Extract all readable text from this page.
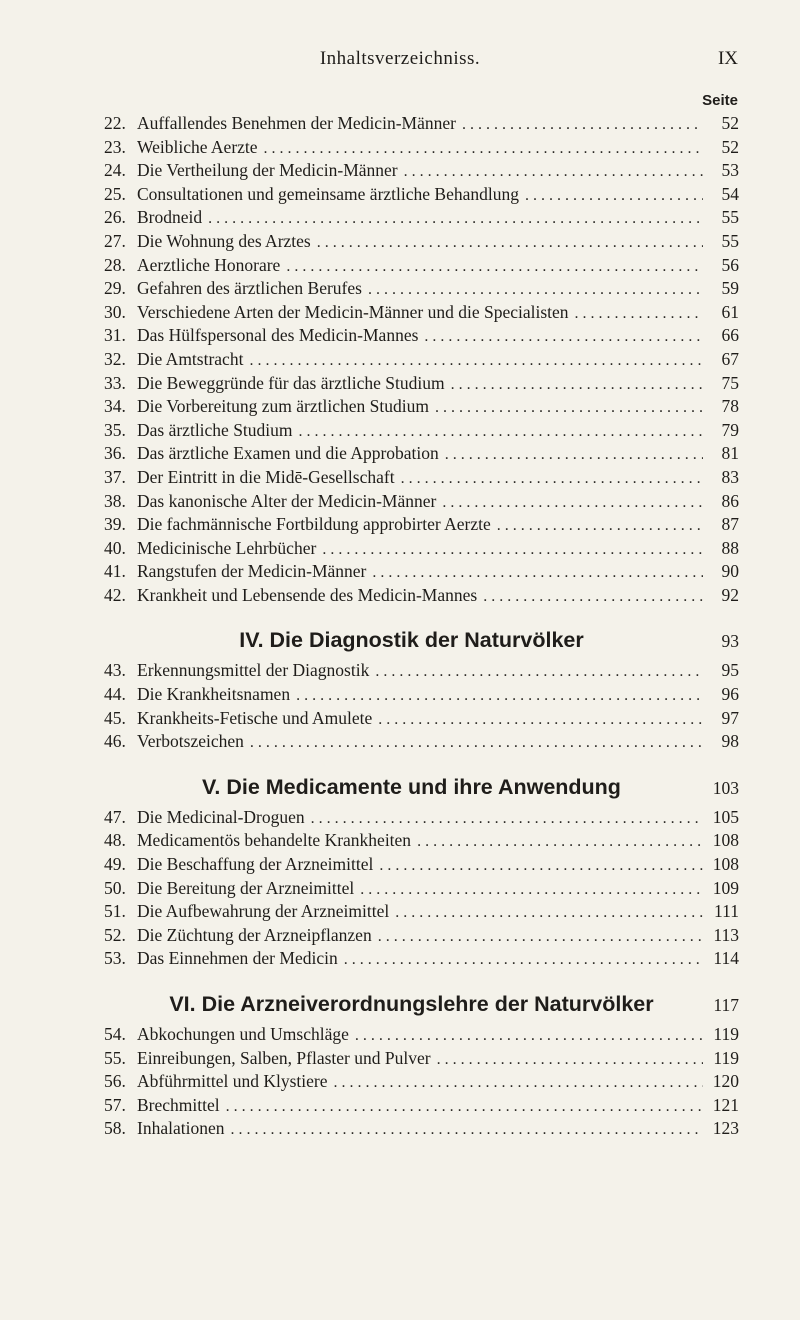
Inhaltsverzeichniss.	IX
Seite
22. Auffallendes Benehmen der Medicin-Männer . . .	52
23. Weibliche Aerzte . . .	52
24. Die Vertheilung der Medicin-Männer . . .	53
25. Consultationen und gemeinsame ärztliche Behandlung . . .	54
26. Brodneid . . .	55
27. Die Wohnung des Arztes . . .	55
28. Aerztliche Honorare . . .	56
29. Gefahren des ärztlichen Berufes . . .	59
30. Verschiedene Arten der Medicin-Männer und die Specialisten . . .	61
31. Das Hülfspersonal des Medicin-Mannes . . .	66
32. Die Amtstracht . . .	67
33. Die Beweggründe für das ärztliche Studium . . .	75
34. Die Vorbereitung zum ärztlichen Studium . . .	78
35. Das ärztliche Studium . . .	79
36. Das ärztliche Examen und die Approbation . . .	81
37. Der Eintritt in die Midē-Gesellschaft . . .	83
38. Das kanonische Alter der Medicin-Männer . . .	86
39. Die fachmännische Fortbildung approbirter Aerzte . . .	87
40. Medicinische Lehrbücher . . .	88
41. Rangstufen der Medicin-Männer . . .	90
42. Krankheit und Lebensende des Medicin-Mannes . . .	92
IV. Die Diagnostik der Naturvölker	93
43. Erkennungsmittel der Diagnostik . . .	95
44. Die Krankheitsnamen . . .	96
45. Krankheits-Fetische und Amulete . . .	97
46. Verbotszeichen . . .	98
V. Die Medicamente und ihre Anwendung	103
47. Die Medicinal-Droguen . . .	105
48. Medicamentös behandelte Krankheiten . . .	108
49. Die Beschaffung der Arzneimittel . . .	108
50. Die Bereitung der Arzneimittel . . .	109
51. Die Aufbewahrung der Arzneimittel . . .	111
52. Die Züchtung der Arzneipflanzen . . .	113
53. Das Einnehmen der Medicin . . .	114
VI. Die Arzneiverordnungslehre der Naturvölker	117
54. Abkochungen und Umschläge . . .	119
55. Einreibungen, Salben, Pflaster und Pulver . . .	119
56. Abführmittel und Klystiere . . .	120
57. Brechmittel . . .	121
58. Inhalationen . . .	123
